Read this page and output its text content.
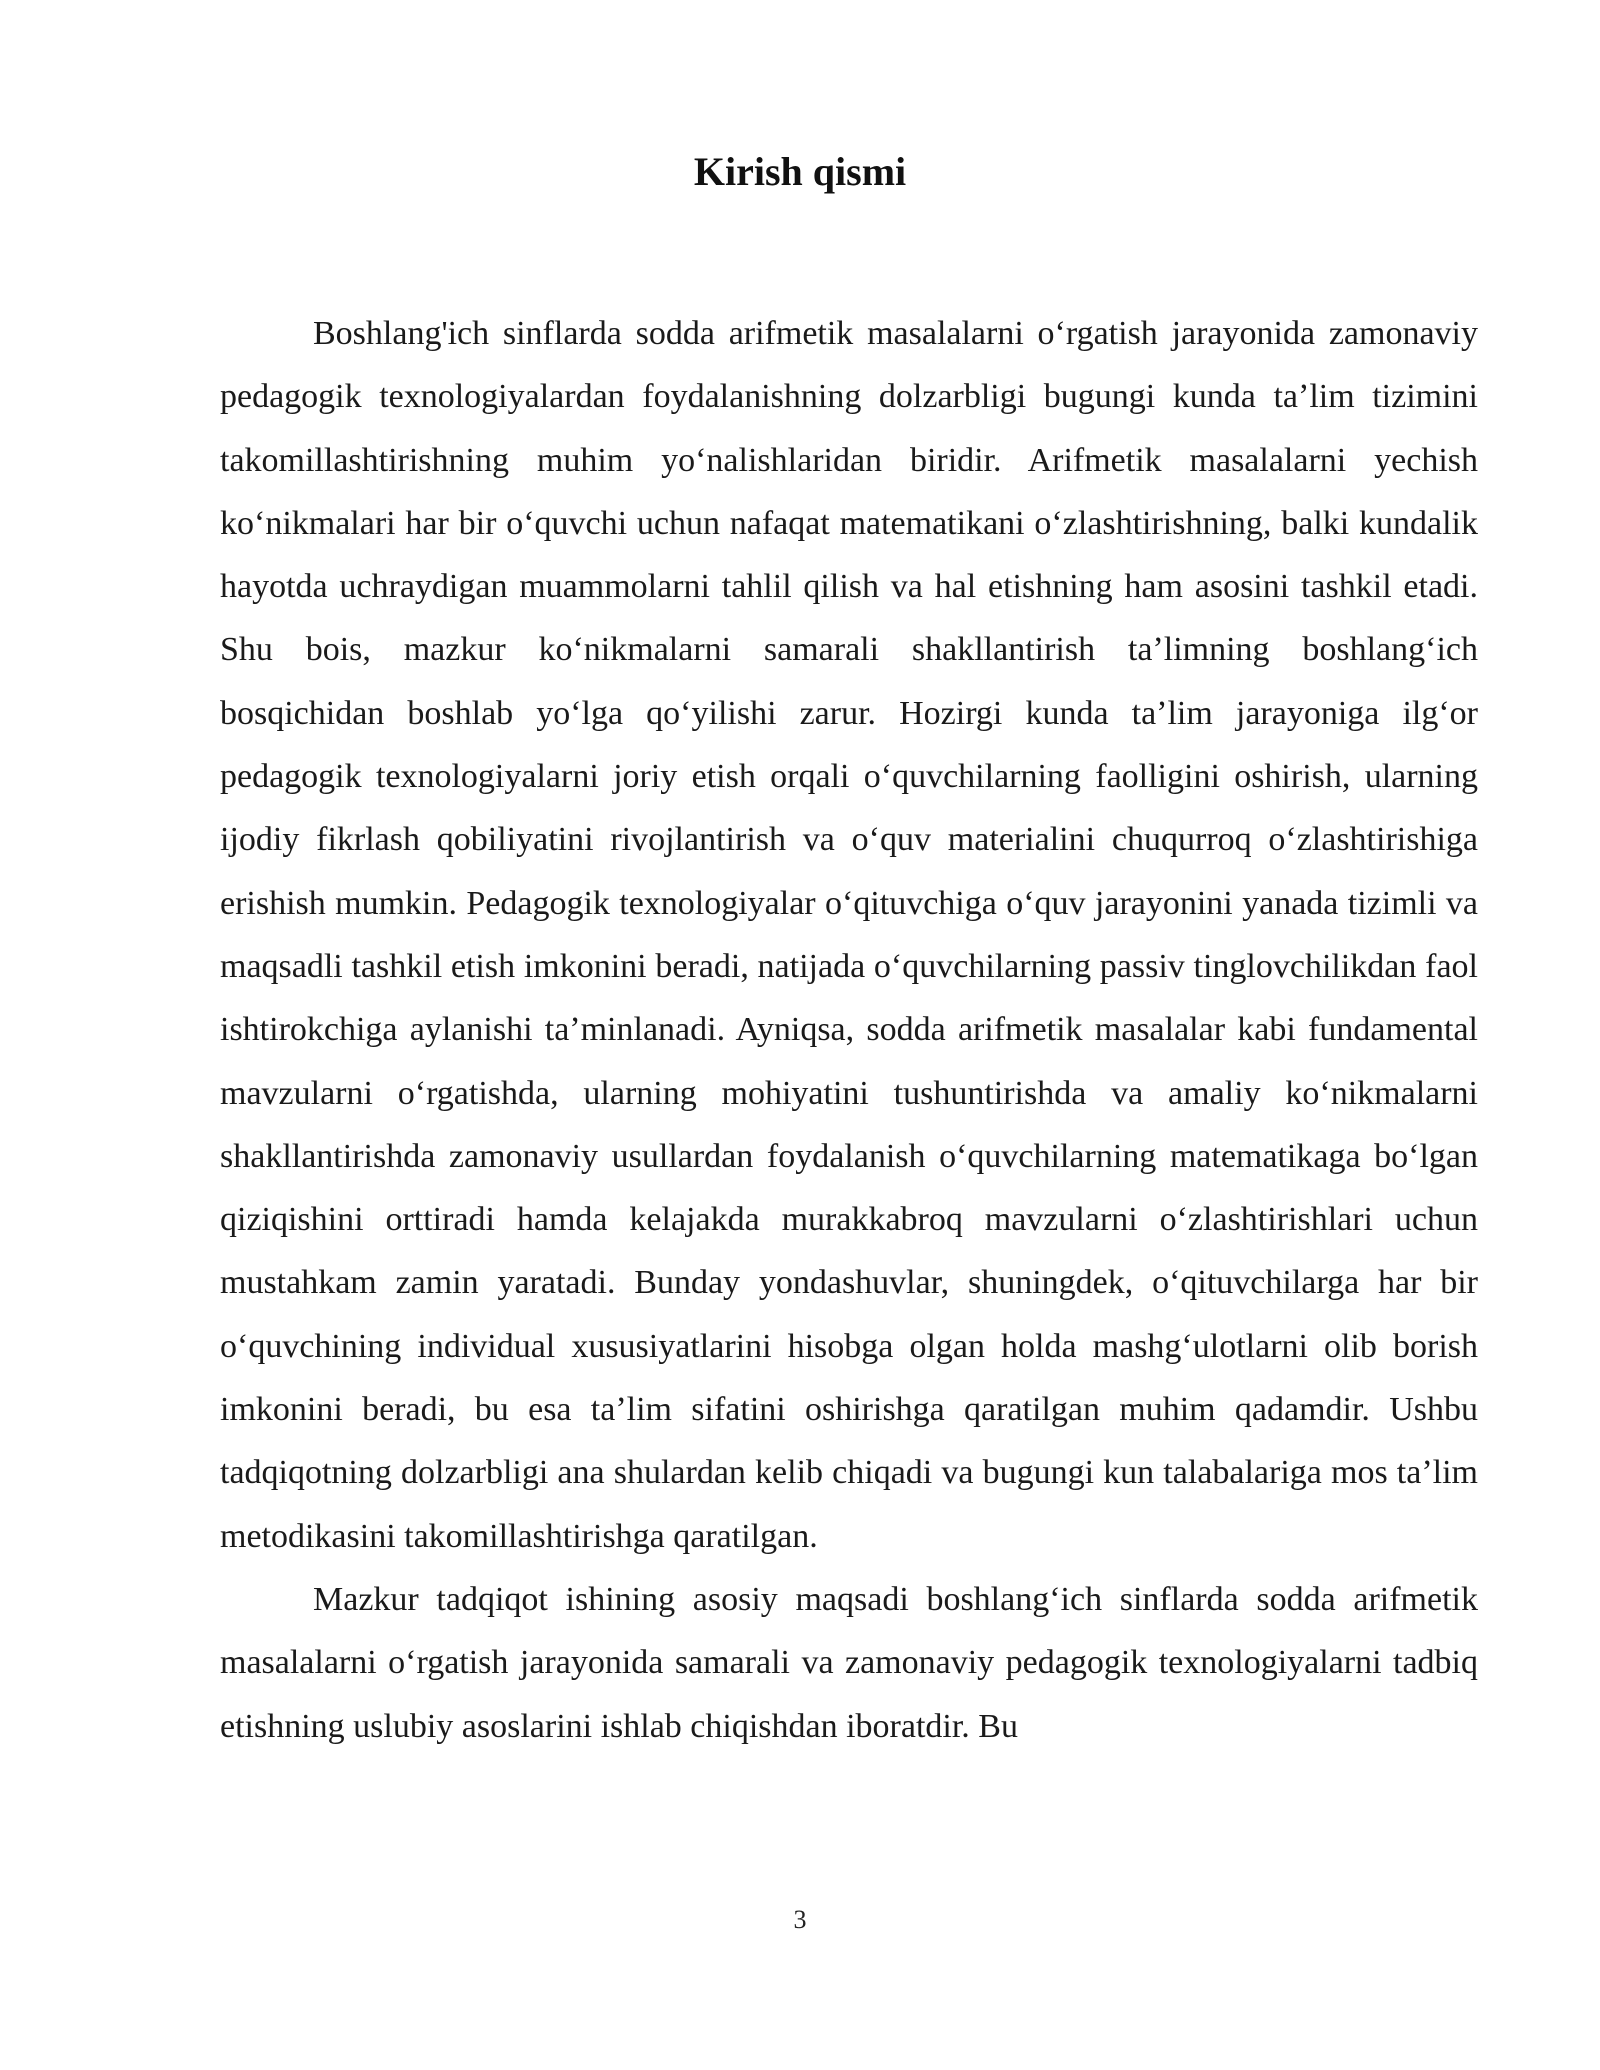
Kirish qismi

Boshlang'ich sinflarda sodda arifmetik masalalarni oʻrgatish jarayonida zamonaviy pedagogik texnologiyalardan foydalanishning dolzarbligi bugungi kunda taʼlim tizimini takomillashtirishning muhim yoʻnalishlaridan biridir. Arifmetik masalalarni yechish koʻnikmalari har bir oʻquvchi uchun nafaqat matematikani oʻzlashtirishning, balki kundalik hayotda uchraydigan muammolarni tahlil qilish va hal etishning ham asosini tashkil etadi. Shu bois, mazkur koʻnikmalarni samarali shakllantirish taʼlimning boshlangʻich bosqichidan boshlab yoʻlga qoʻyilishi zarur. Hozirgi kunda taʼlim jarayoniga ilgʻor pedagogik texnologiyalarni joriy etish orqali oʻquvchilarning faolligini oshirish, ularning ijodiy fikrlash qobiliyatini rivojlantirish va oʻquv materialini chuqurroq oʻzlashtirishiga erishish mumkin. Pedagogik texnologiyalar oʻqituvchiga oʻquv jarayonini yanada tizimli va maqsadli tashkil etish imkonini beradi, natijada oʻquvchilarning passiv tinglovchilikdan faol ishtirokchiga aylanishi taʼminlanadi. Ayniqsa, sodda arifmetik masalalar kabi fundamental mavzularni oʻrgatishda, ularning mohiyatini tushuntirishda va amaliy koʻnikmalarni shakllantirishda zamonaviy usullardan foydalanish oʻquvchilarning matematikaga boʻlgan qiziqishini orttiradi hamda kelajakda murakkabroq mavzularni oʻzlashtirishlari uchun mustahkam zamin yaratadi. Bunday yondashuvlar, shuningdek, oʻqituvchilarga har bir oʻquvchining individual xususiyatlarini hisobga olgan holda mashgʻulotlarni olib borish imkonini beradi, bu esa taʼlim sifatini oshirishga qaratilgan muhim qadamdir. Ushbu tadqiqotning dolzarbligi ana shulardan kelib chiqadi va bugungi kun talabalariga mos taʼlim metodikasini takomillashtirishga qaratilgan.

Mazkur tadqiqot ishining asosiy maqsadi boshlangʻich sinflarda sodda arifmetik masalalarni oʻrgatish jarayonida samarali va zamonaviy pedagogik texnologiyalarni tadbiq etishning uslubiy asoslarini ishlab chiqishdan iboratdir. Bu

3
